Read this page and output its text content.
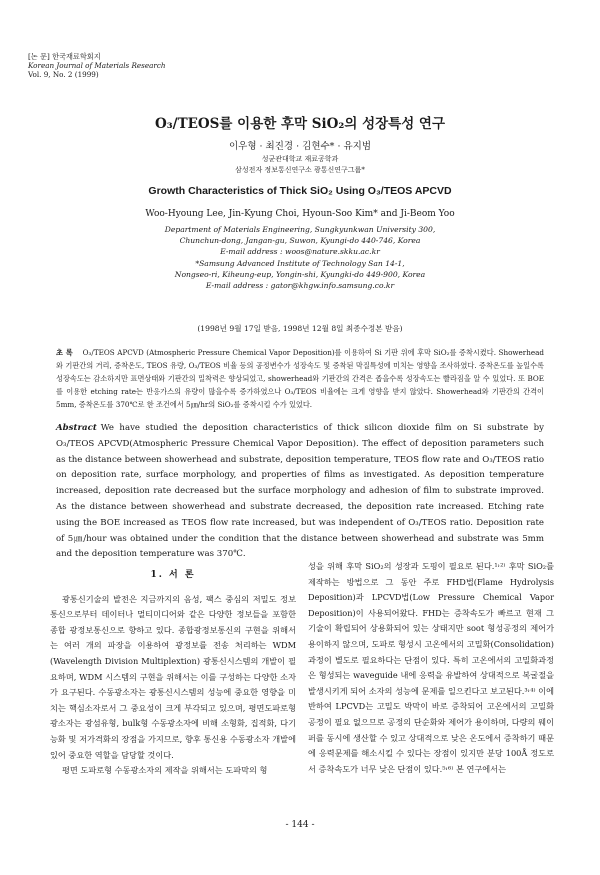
[논 문] 한국재료학회지
Korean Journal of Materials Research
Vol. 9, No. 2 (1999)
O₃/TEOS를 이용한 후막 SiO₂의 성장특성 연구
이우형 · 최진경 · 김현수* · 유지범
성균관대학교 재료공학과
삼성전자 정보통신연구소 광통신연구그룹*
Growth Characteristics of Thick SiO₂ Using O₃/TEOS APCVD
Woo-Hyoung Lee, Jin-Kyung Choi, Hyoun-Soo Kim* and Ji-Beom Yoo
Department of Materials Engineering, Sungkyunkwan University 300,
Chunchun-dong, Jangan-gu, Suwon, Kyungi-do 440-746, Korea
E-mail address : woos@nature.skku.ac.kr
*Samsung Advanced Institute of Technology San 14-1,
Nongseo-ri, Kiheung-eup, Yongin-shi, Kyungki-do 449-900, Korea
E-mail address : gator@khgw.info.samsung.co.kr
(1998년 9월 17일 받음, 1998년 12월 8일 최종수정본 받음)
초 록 O₃/TEOS APCVD (Atmospheric Pressure Chemical Vapor Deposition)를 이용하여 Si 기판 위에 후막 SiO₂를 증착시켰다. Showerhead와 기판간의 거리, 증착온도, TEOS 유량, O₃/TEOS 비율 등의 공정변수가 성장속도 및 증착된 막질특성에 미치는 영향을 조사하였다. 증착온도를 높일수록 성장속도는 감소하지만 표면상태와 기판간의 밀착력은 향상되었고, showerhead와 기판간의 간격은 좁을수록 성장속도는 빨라짐을 알 수 있었다. 또 BOE를 이용한 etching rate는 반응가스의 유량이 많을수록 증가하였으나 O₃/TEOS 비율에는 크게 영향을 받지 않았다. Showerhead와 기판간의 간격이 5mm, 증착온도를 370℃로 한 조건에서 5㎛/hr의 SiO₂를 증착시킬 수가 있었다.
Abstract We have studied the deposition characteristics of thick silicon dioxide film on Si substrate by O₃/TEOS APCVD(Atmospheric Pressure Chemical Vapor Deposition). The effect of deposition parameters such as the distance between showerhead and substrate, deposition temperature, TEOS flow rate and O₃/TEOS ratio on deposition rate, surface morphology, and properties of films as investigated. As deposition temperature increased, deposition rate decreased but the surface morphology and adhesion of film to substrate improved. As the distance between showerhead and substrate decreased, the deposition rate increased. Etching rate using the BOE increased as TEOS flow rate increased, but was independent of O₃/TEOS ratio. Deposition rate of 5㎛/hour was obtained under the condition that the distance between showerhead and substrate was 5mm and the deposition temperature was 370℃.
1. 서 론

광통신기술의 발전은 지금까지의 음성, 팩스 중심의 저밀도 정보통신으로부터 데이터나 멀티미디어와 같은 다양한 정보들을 포함한 종합 광정보통신으로 향하고 있다. 종합광정보통신의 구현을 위해서는 여러 개의 파장을 이용하여 광정보를 전송 처리하는 WDM (Wavelength Division Multiplextion) 광통신시스템의 개발이 필요하며, WDM 시스템의 구현을 위해서는 이를 구성하는 다양한 소자가 요구된다. 수동광소자는 광통신시스템의 성능에 중요한 영향을 미치는 핵심소자로서 그 중요성이 크게 부각되고 있으며, 평면도파로형 광소자는 광섬유형, bulk형 수동광소자에 비해 소형화, 집적화, 다기능화 및 저가격화의 장점을 가지므로, 향후 통신용 수동광소자 개발에 있어 중요한 역할을 담당할 것이다.

평면 도파로형 수동광소자의 제작을 위해서는 도파막의 형

성을 위해 후막 SiO₂의 성장과 도핑이 필요로 된다.¹˒²⁾ 후막 SiO₂를 제작하는 방법으로 그 동안 주로 FHD법(Flame Hydrolysis Deposition)과 LPCVD법(Low Pressure Chemical Vapor Deposition)이 사용되어왔다. FHD는 증착속도가 빠르고 현재 그 기술이 확립되어 상용화되어 있는 상태지만 soot 형성공정의 제어가 용이하지 않으며, 도파로 형성시 고온에서의 고밀화(Consolidation)과정이 별도로 필요하다는 단점이 있다. 특히 고온에서의 고밀화과정은 형성되는 waveguide 내에 응력을 유발하여 상대적으로 복굴절을 발생시키게 되어 소자의 성능에 문제를 일으킨다고 보고된다.³˒⁴⁾ 이에 반하여 LPCVD는 고밀도 박막이 바로 증착되어 고온에서의 고밀화 공정이 필요 없으므로 공정의 단순화와 제어가 용이하며, 다량의 웨이퍼를 동시에 생산할 수 있고 상대적으로 낮은 온도에서 증착하기 때문에 응력문제를 해소시킬 수 있다는 장점이 있지만 분당 100Å 정도로서 증착속도가 너무 낮은 단점이 있다.⁵˒⁶⁾ 본 연구에서는

- 144 -
